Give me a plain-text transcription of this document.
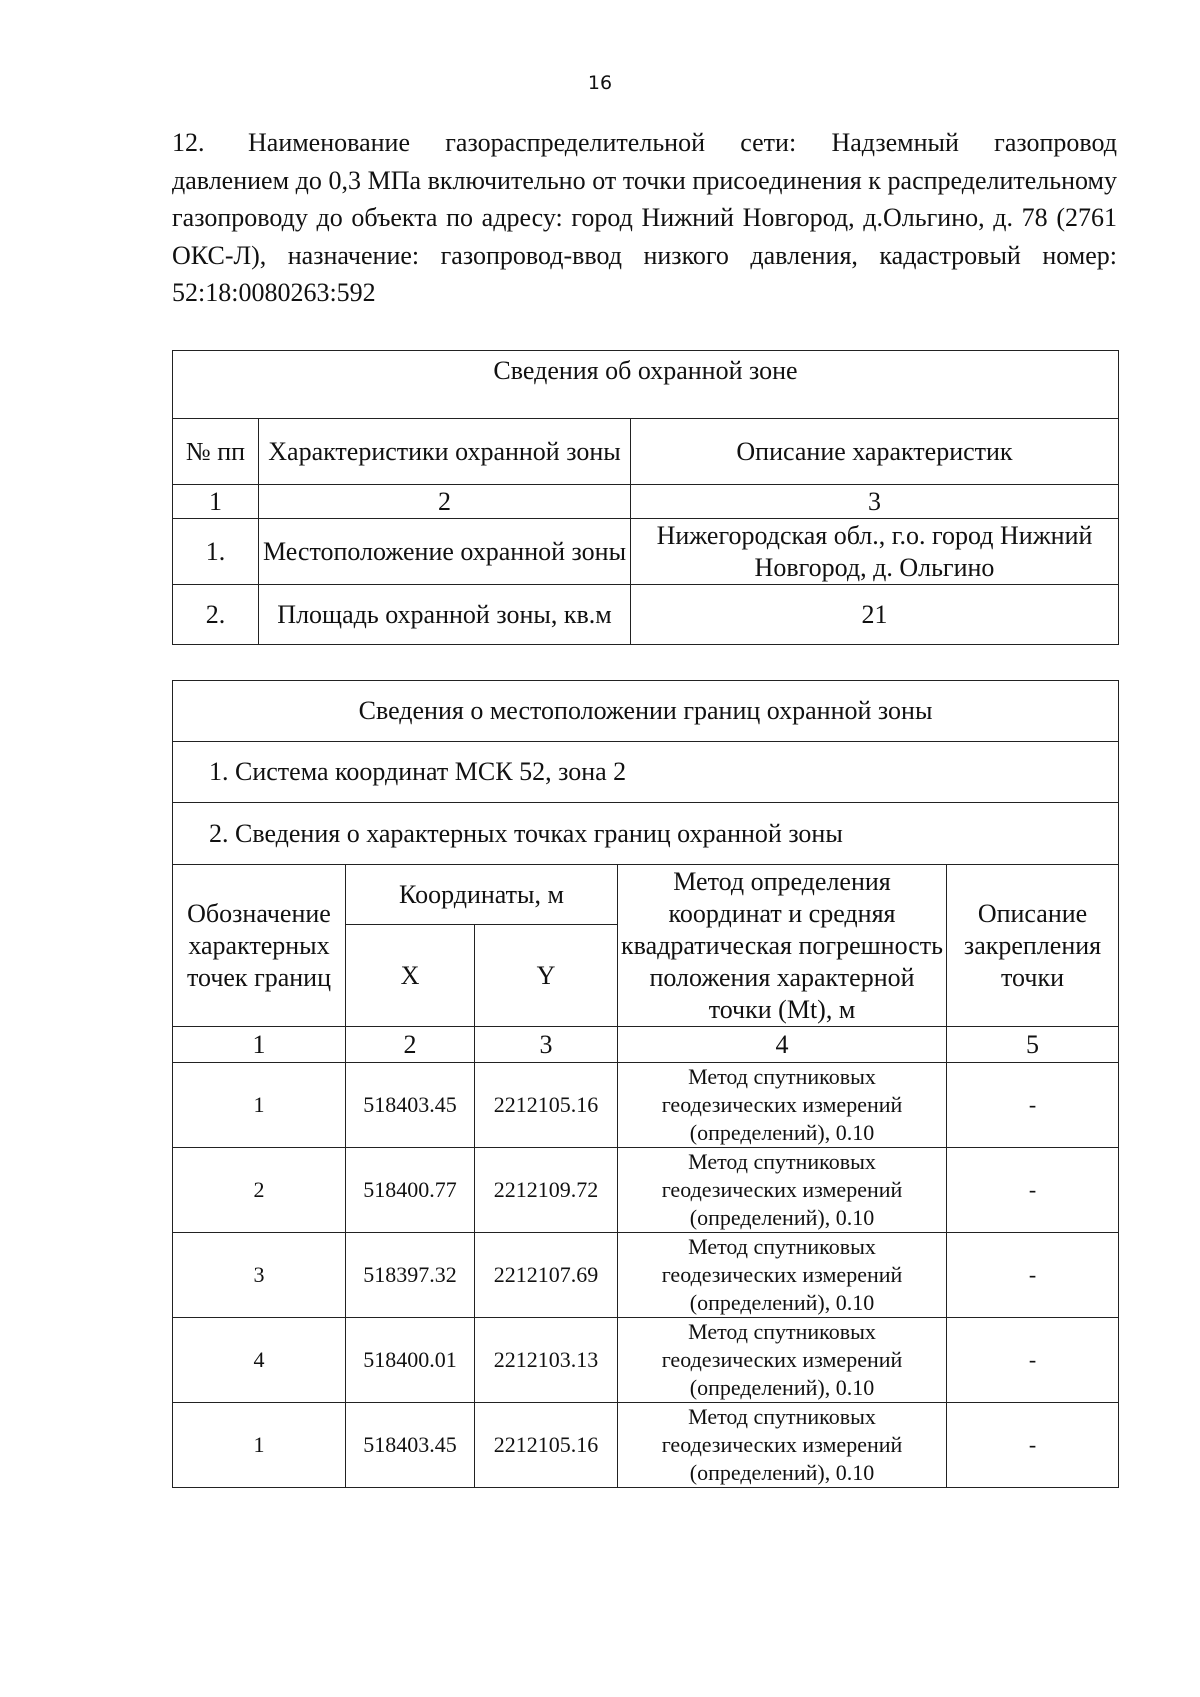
16
12. Наименование газораспределительной сети: Надземный газопровод давлением до 0,3 МПа включительно от точки присоединения к распределительному газопроводу до объекта по адресу: город Нижний Новгород, д.Ольгино, д. 78 (2761 ОКС-Л), назначение: газопровод-ввод низкого давления, кадастровый номер: 52:18:0080263:592
Сведения об охранной зоне		
№ пп	Характеристики охранной зоны	Описание характеристик
1	2	3
1.	Местоположение охранной зоны	Нижегородская обл., г.о. город Нижний Новгород, д. Ольгино
2.	Площадь охранной зоны, кв.м	21
Сведения о местоположении границ охранной зоны				
1. Система координат МСК 52, зона 2				
2. Сведения о характерных точках границ охранной зоны				
Обозначение характерных точек границ	Координаты, м		Метод определения координат и средняя квадратическая погрешность положения характерной точки (Mt), м	Описание закрепления точки
	X	Y		
1	2	3	4	5
1	518403.45	2212105.16	Метод спутниковых геодезических измерений (определений), 0.10	-
2	518400.77	2212109.72	Метод спутниковых геодезических измерений (определений), 0.10	-
3	518397.32	2212107.69	Метод спутниковых геодезических измерений (определений), 0.10	-
4	518400.01	2212103.13	Метод спутниковых геодезических измерений (определений), 0.10	-
1	518403.45	2212105.16	Метод спутниковых геодезических измерений (определений), 0.10	-
